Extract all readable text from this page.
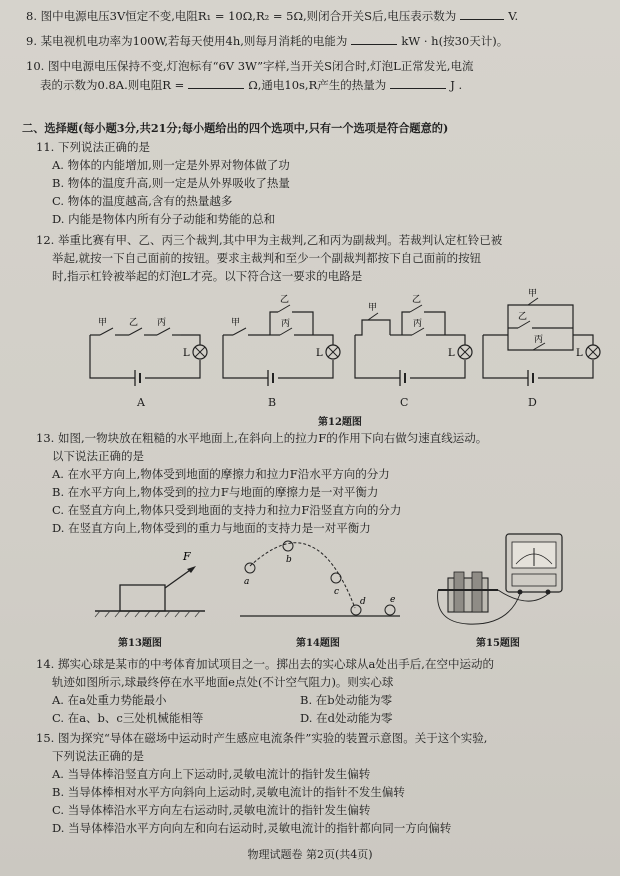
8. 图中电源电压3V恒定不变,电阻R₁ = 10Ω,R₂ = 5Ω,则闭合开关S后,电压表示数为	V.
9. 某电视机电功率为100W,若每天使用4h,则每月消耗的电能为	kW · h(按30天计)。
10. 图中电源电压保持不变,灯泡标有“6V 3W”字样,当开关S闭合时,灯泡L正常发光,电流
表的示数为0.8A.则电阻R =	Ω,通电10s,R产生的热量为	J .
二、选择题(每小题3分,共21分;每小题给出的四个选项中,只有一个选项是符合题意的)
11. 下列说法正确的是
A. 物体的内能增加,则一定是外界对物体做了功
B. 物体的温度升高,则一定是从外界吸收了热量
C. 物体的温度越高,含有的热量越多
D. 内能是物体内所有分子动能和势能的总和
12. 举重比赛有甲、乙、丙三个裁判,其中甲为主裁判,乙和丙为副裁判。若裁判认定杠铃已被
举起,就按一下自己面前的按钮。要求主裁判和至少一个副裁判都按下自己面前的按钮
时,指示杠铃被举起的灯泡L才亮。以下符合这一要求的电路是
甲 乙 丙
L
甲
乙
丙
L
甲
乙
丙
L
甲
乙
丙
L
A	B	C	D
第12题图
13. 如图,一物块放在粗糙的水平地面上,在斜向上的拉力F的作用下向右做匀速直线运动。
以下说法正确的是
A. 在水平方向上,物体受到地面的摩擦力和拉力F沿水平方向的分力
B. 在水平方向上,物体受到的拉力F与地面的摩擦力是一对平衡力
C. 在竖直方向上,物体只受到地面的支持力和拉力F沿竖直方向的分力
D. 在竖直方向上,物体受到的重力与地面的支持力是一对平衡力
F
第13题图
a
b
c
d	e
第14题图	第15题图
14. 掷实心球是某市的中考体育加试项目之一。掷出去的实心球从a处出手后,在空中运动的
轨迹如图所示,球最终停在水平地面e点处(不计空气阻力)。则实心球
A. 在a处重力势能最小	B. 在b处动能为零
C. 在a、b、c三处机械能相等	D. 在d处动能为零
15. 图为探究“导体在磁场中运动时产生感应电流条件”实验的装置示意图。关于这个实验,
下列说法正确的是
A. 当导体棒沿竖直方向上下运动时,灵敏电流计的指针发生偏转
B. 当导体棒相对水平方向斜向上运动时,灵敏电流计的指针不发生偏转
C. 当导体棒沿水平方向左右运动时,灵敏电流计的指针发生偏转
D. 当导体棒沿水平方向向左和向右运动时,灵敏电流计的指针都向同一方向偏转
物理试题卷 第2页(共4页)
